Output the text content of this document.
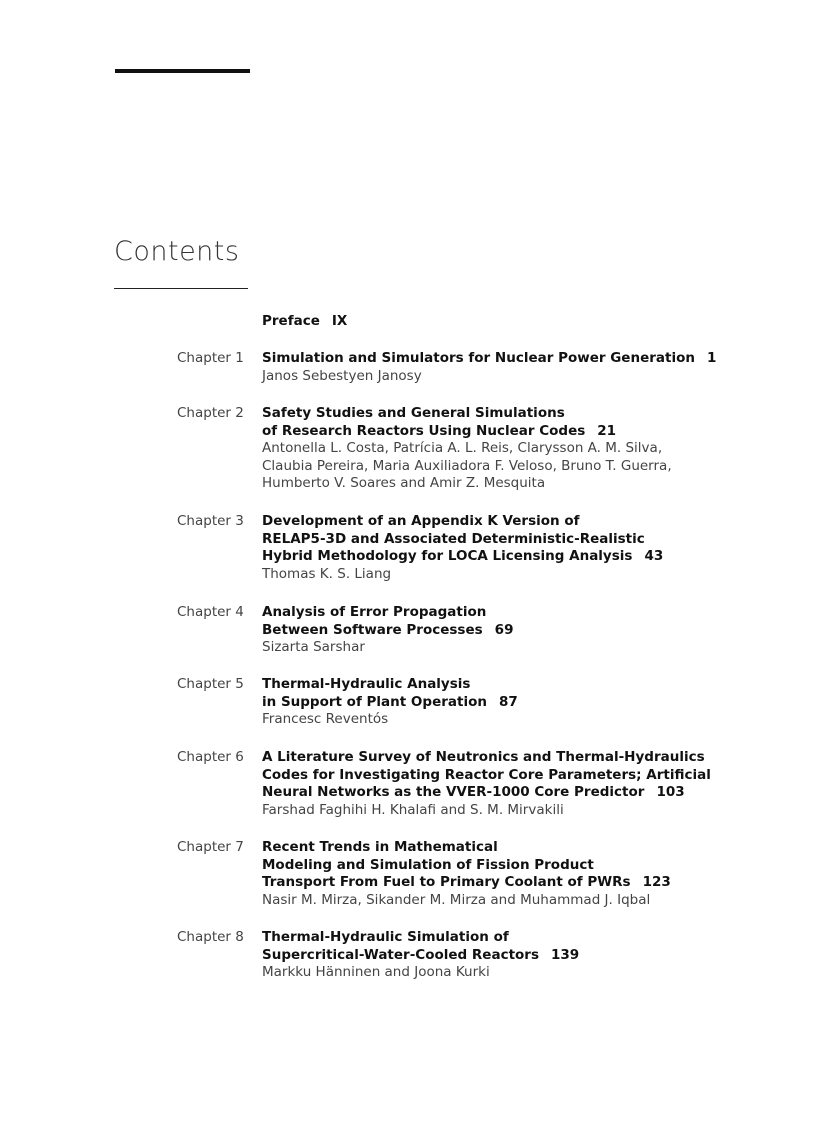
Contents
Preface IX
Chapter 1 Simulation and Simulators for Nuclear Power Generation 1
Janos Sebestyen Janosy
Chapter 2 Safety Studies and General Simulations
of Research Reactors Using Nuclear Codes 21
Antonella L. Costa, Patrícia A. L. Reis, Clarysson A. M. Silva,
Claubia Pereira, Maria Auxiliadora F. Veloso, Bruno T. Guerra,
Humberto V. Soares and Amir Z. Mesquita
Chapter 3 Development of an Appendix K Version of
RELAP5-3D and Associated Deterministic-Realistic
Hybrid Methodology for LOCA Licensing Analysis 43
Thomas K. S. Liang
Chapter 4 Analysis of Error Propagation
Between Software Processes 69
Sizarta Sarshar
Chapter 5 Thermal-Hydraulic Analysis
in Support of Plant Operation 87
Francesc Reventós
Chapter 6 A Literature Survey of Neutronics and Thermal-Hydraulics
Codes for Investigating Reactor Core Parameters; Artificial
Neural Networks as the VVER-1000 Core Predictor 103
Farshad Faghihi H. Khalafi and S. M. Mirvakili
Chapter 7 Recent Trends in Mathematical
Modeling and Simulation of Fission Product
Transport From Fuel to Primary Coolant of PWRs 123
Nasir M. Mirza, Sikander M. Mirza and Muhammad J. Iqbal
Chapter 8 Thermal-Hydraulic Simulation of
Supercritical-Water-Cooled Reactors 139
Markku Hänninen and Joona Kurki
